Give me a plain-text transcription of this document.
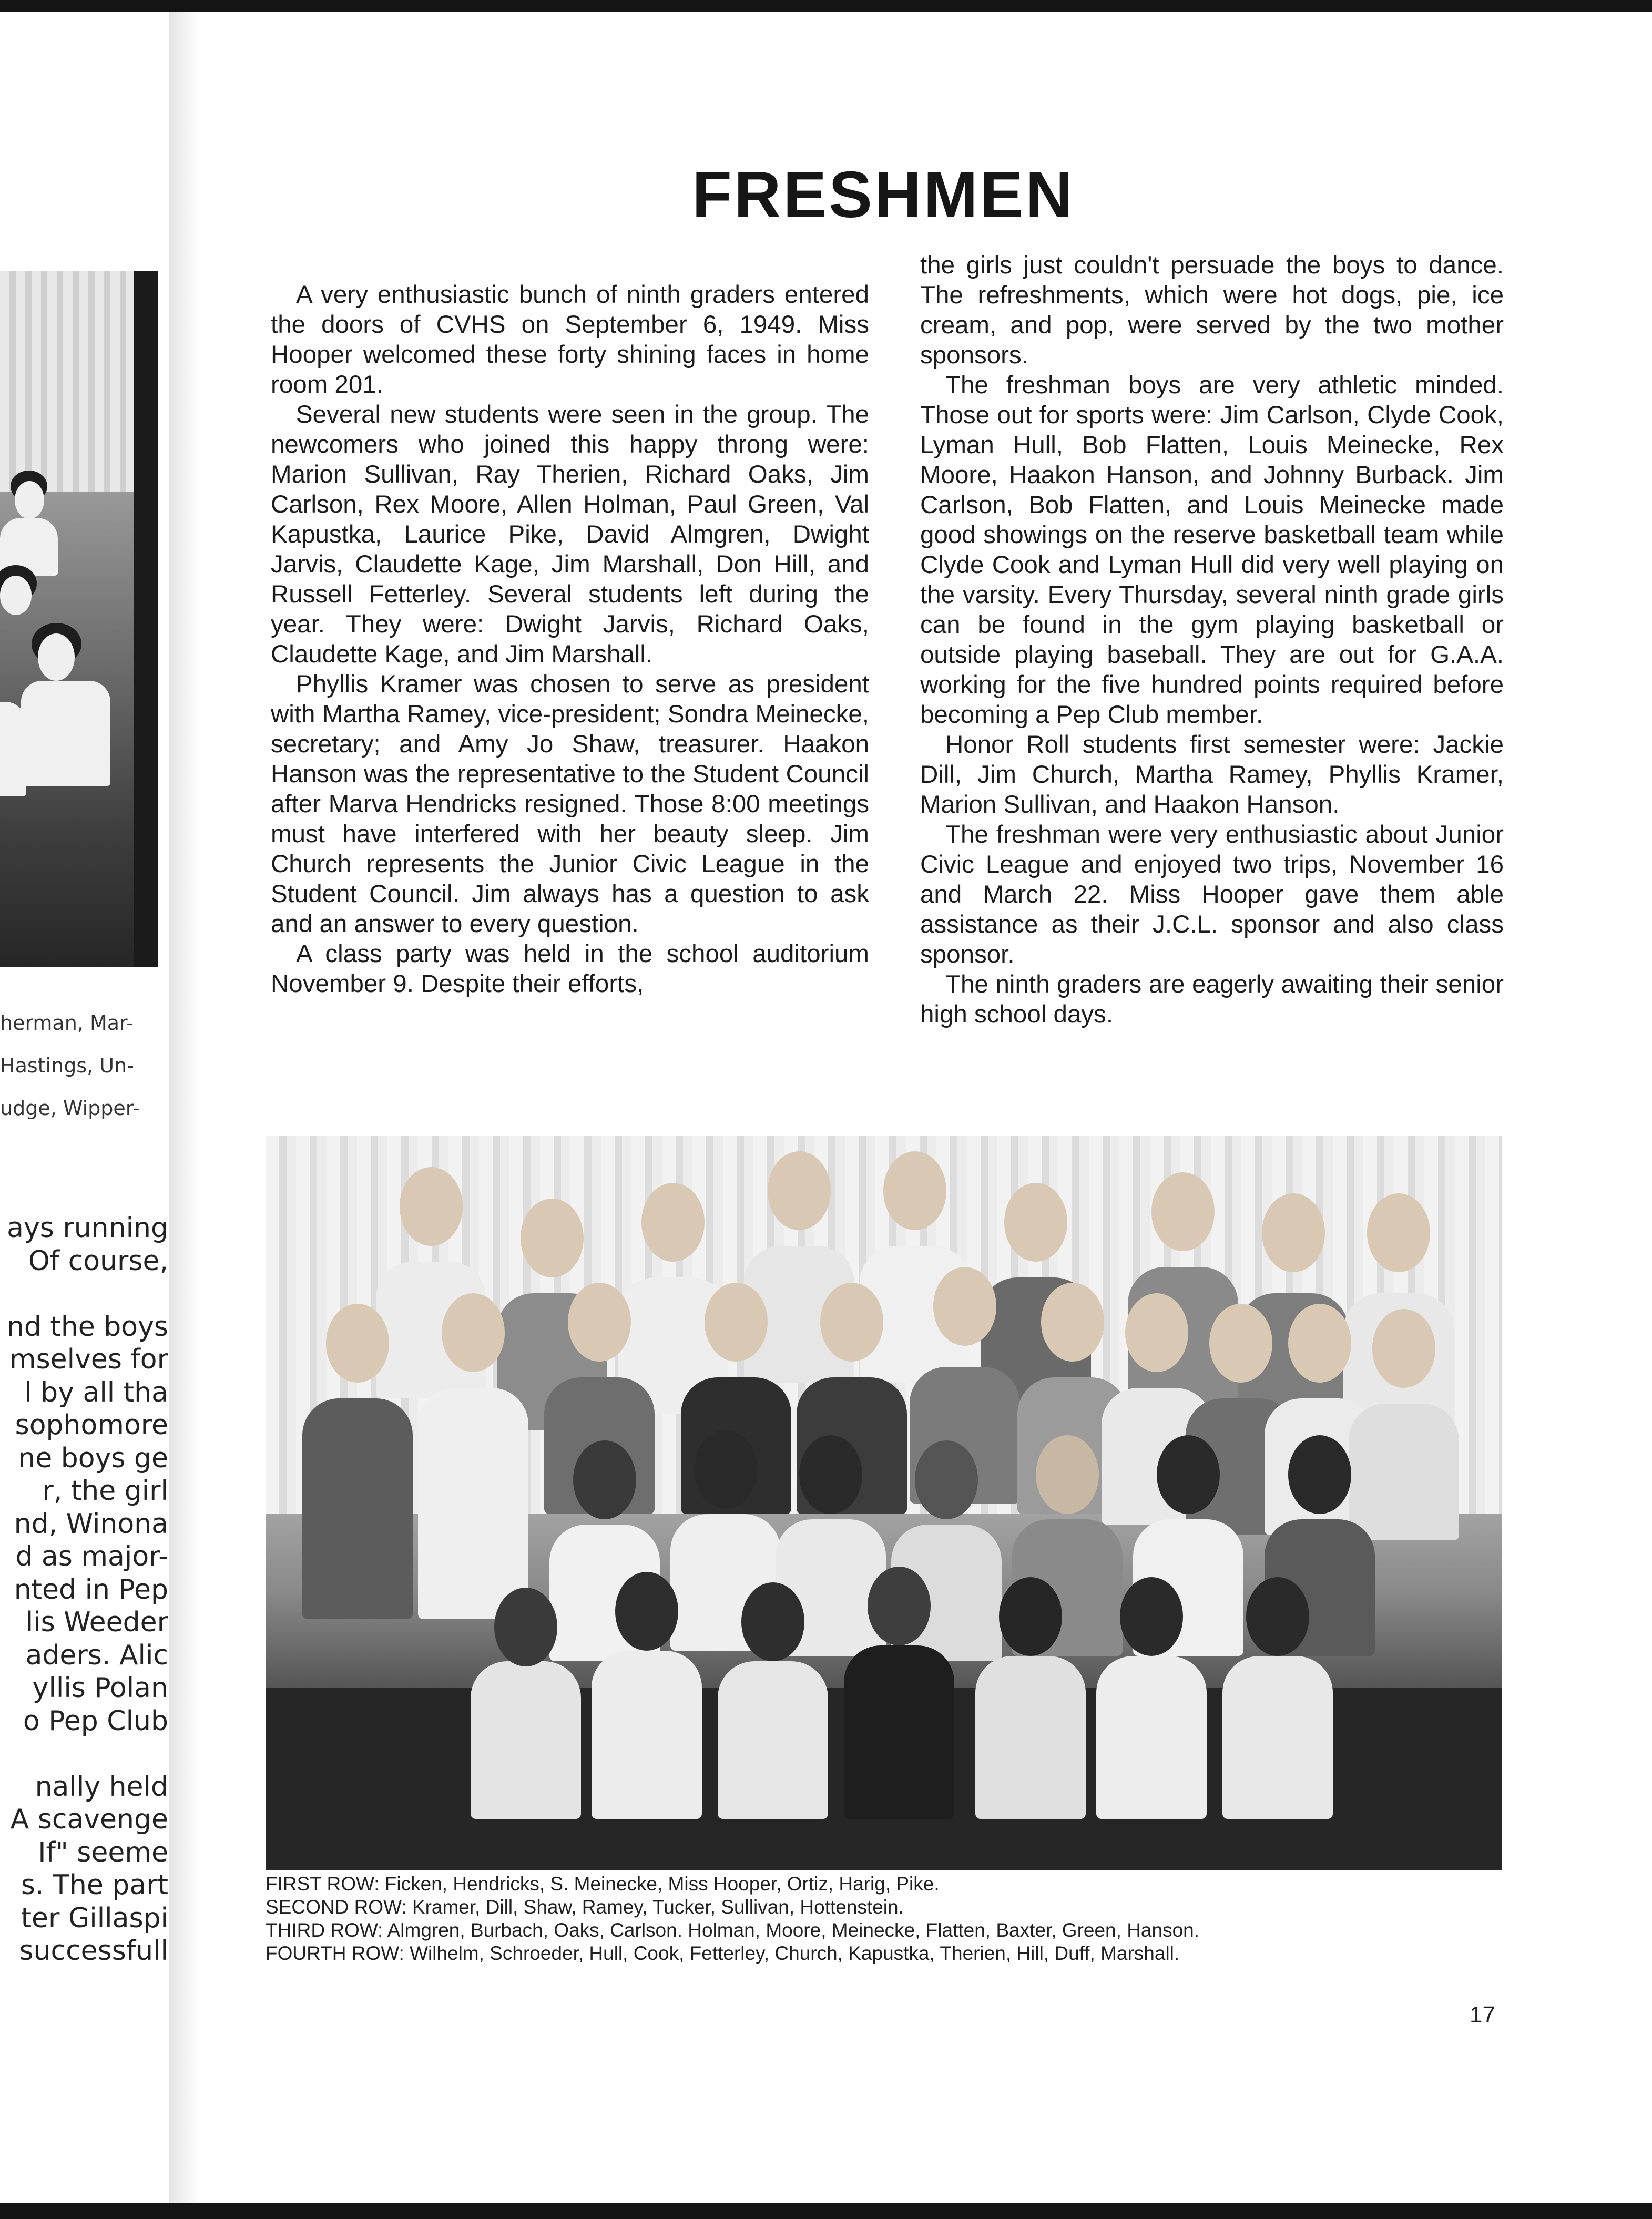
herman, Mar-
Hastings, Un-
udge, Wipper-
ays running
Of course,
nd the boys
mselves for
l by all tha
sophomore
ne boys ge
r, the girl
nd, Winona
d as major-
nted in Pep
lis Weeder
aders. Alic
yllis Polan
o Pep Club
nally held
A scavenge
If" seeme
s. The part
ter Gillaspi
successfull
FRESHMEN

A very enthusiastic bunch of ninth graders entered the doors of CVHS on September 6, 1949. Miss Hooper welcomed these forty shining faces in home room 201.

Several new students were seen in the group. The newcomers who joined this happy throng were: Marion Sullivan, Ray Therien, Richard Oaks, Jim Carlson, Rex Moore, Allen Holman, Paul Green, Val Kapustka, Laurice Pike, David Almgren, Dwight Jarvis, Claudette Kage, Jim Marshall, Don Hill, and Russell Fetterley. Several students left during the year. They were: Dwight Jarvis, Richard Oaks, Claudette Kage, and Jim Marshall.

Phyllis Kramer was chosen to serve as president with Martha Ramey, vice-president; Sondra Meinecke, secretary; and Amy Jo Shaw, treasurer. Haakon Hanson was the representative to the Student Council after Marva Hendricks resigned. Those 8:00 meetings must have interfered with her beauty sleep. Jim Church represents the Junior Civic League in the Student Council. Jim always has a question to ask and an answer to every question.

A class party was held in the school auditorium November 9. Despite their efforts,

the girls just couldn't persuade the boys to dance. The refreshments, which were hot dogs, pie, ice cream, and pop, were served by the two mother sponsors.

The freshman boys are very athletic minded. Those out for sports were: Jim Carlson, Clyde Cook, Lyman Hull, Bob Flatten, Louis Meinecke, Rex Moore, Haakon Hanson, and Johnny Burback. Jim Carlson, Bob Flatten, and Louis Meinecke made good showings on the reserve basketball team while Clyde Cook and Lyman Hull did very well playing on the varsity. Every Thursday, several ninth grade girls can be found in the gym playing basketball or outside playing baseball. They are out for G.A.A. working for the five hundred points required before becoming a Pep Club member.

Honor Roll students first semester were: Jackie Dill, Jim Church, Martha Ramey, Phyllis Kramer, Marion Sullivan, and Haakon Hanson.

The freshman were very enthusiastic about Junior Civic League and enjoyed two trips, November 16 and March 22. Miss Hooper gave them able assistance as their J.C.L. sponsor and also class sponsor.

The ninth graders are eagerly awaiting their senior high school days.

FIRST ROW: Ficken, Hendricks, S. Meinecke, Miss Hooper, Ortiz, Harig, Pike.
SECOND ROW: Kramer, Dill, Shaw, Ramey, Tucker, Sullivan, Hottenstein.
THIRD ROW: Almgren, Burbach, Oaks, Carlson. Holman, Moore, Meinecke, Flatten, Baxter, Green, Hanson.
FOURTH ROW: Wilhelm, Schroeder, Hull, Cook, Fetterley, Church, Kapustka, Therien, Hill, Duff, Marshall.
17
